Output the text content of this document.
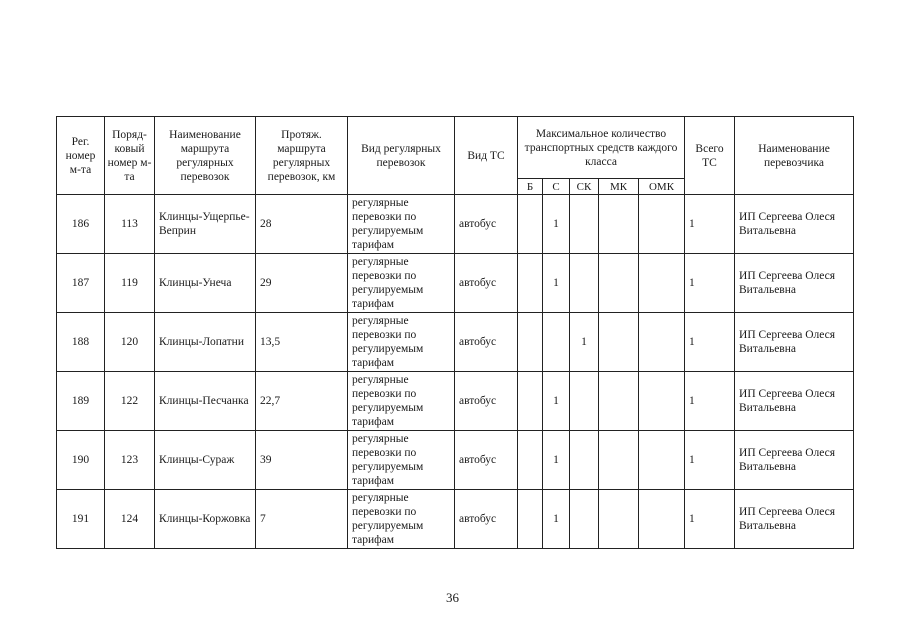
Рег. номер м-та	Поряд-ковый номер м-та	Наименование маршрута регулярных перевозок	Протяж. маршрута регулярных перевозок, км	Вид регулярных перевозок	Вид ТС	Максимальное количество транспортных средств каждого класса					Всего ТС	Наименование перевозчика
						Б	С	СК	МК	ОМК		
186	113	Клинцы-Ущерпье-Веприн	28	регулярные перевозки по регулируемым тарифам	автобус		1				1	ИП Сергеева Олеся Витальевна
187	119	Клинцы-Унеча	29	регулярные перевозки по регулируемым тарифам	автобус		1				1	ИП Сергеева Олеся Витальевна
188	120	Клинцы-Лопатни	13,5	регулярные перевозки по регулируемым тарифам	автобус			1			1	ИП Сергеева Олеся Витальевна
189	122	Клинцы-Песчанка	22,7	регулярные перевозки по регулируемым тарифам	автобус		1				1	ИП Сергеева Олеся Витальевна
190	123	Клинцы-Сураж	39	регулярные перевозки по регулируемым тарифам	автобус		1				1	ИП Сергеева Олеся Витальевна
191	124	Клинцы-Коржовка	7	регулярные перевозки по регулируемым тарифам	автобус		1				1	ИП Сергеева Олеся Витальевна
36
